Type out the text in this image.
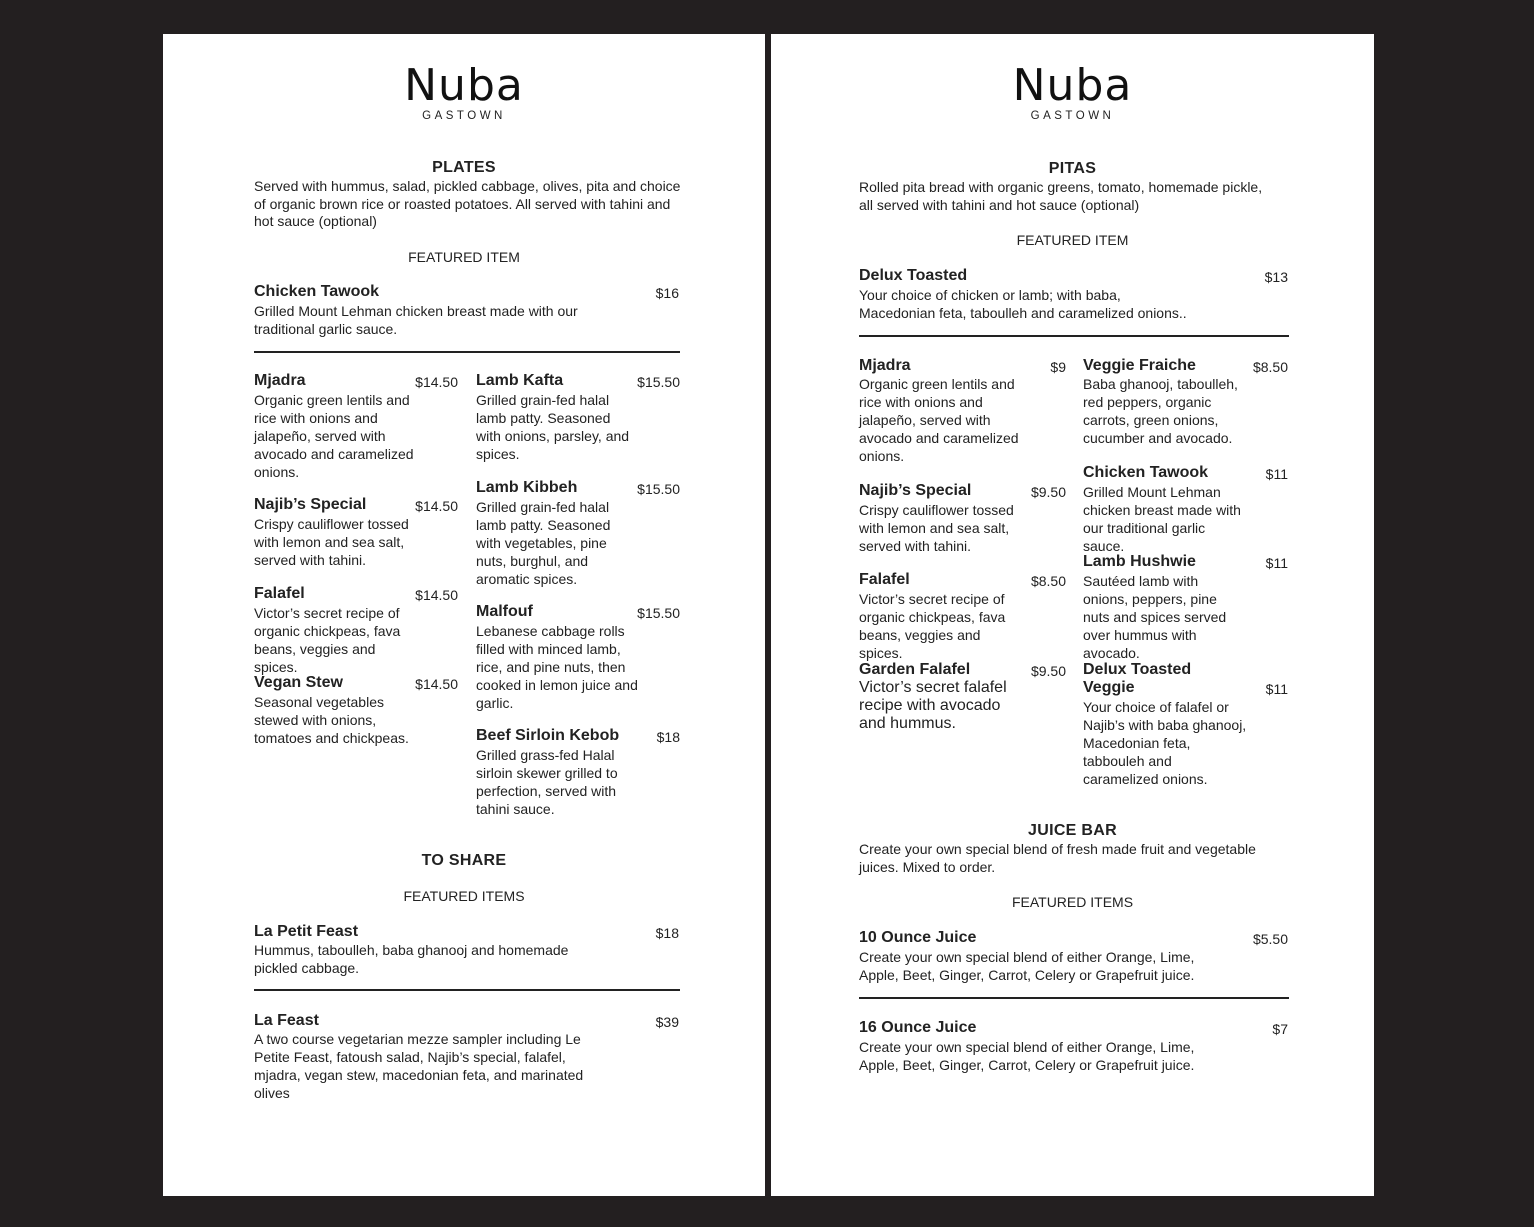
Nuba
GASTOWN
PLATES
Served with hummus, salad, pickled cabbage, olives, pita and choice of organic brown rice or roasted potatoes. All served with tahini and hot sauce (optional)
FEATURED ITEM
Chicken Tawook	$16
Grilled Mount Lehman chicken breast made with our traditional garlic sauce.
Mjadra	$14.50
Organic green lentils and rice with onions and jalapeño, served with avocado and caramelized onions.
Najib’s Special	$14.50
Crispy cauliflower tossed with lemon and sea salt, served with tahini.
Falafel	$14.50
Victor’s secret recipe of organic chickpeas, fava beans, veggies and spices.
Vegan Stew	$14.50
Seasonal vegetables stewed with onions, tomatoes and chickpeas.
Lamb Kafta	$15.50
Grilled grain-fed halal lamb patty. Seasoned with onions, parsley, and spices.
Lamb Kibbeh	$15.50
Grilled grain-fed halal lamb patty. Seasoned with vegetables, pine nuts, burghul, and aromatic spices.
Malfouf	$15.50
Lebanese cabbage rolls filled with minced lamb, rice, and pine nuts, then cooked in lemon juice and garlic.
Beef Sirloin Kebob	$18
Grilled grass-fed Halal sirloin skewer grilled to perfection, served with tahini sauce.
TO SHARE
FEATURED ITEMS
La Petit Feast	$18
Hummus, taboulleh, baba ghanooj and homemade pickled cabbage.
La Feast	$39
A two course vegetarian mezze sampler including Le Petite Feast, fatoush salad, Najib’s special, falafel, mjadra, vegan stew, macedonian feta, and marinated olives
Nuba
GASTOWN
PITAS
Rolled pita bread with organic greens, tomato, homemade pickle, all served with tahini and hot sauce (optional)
FEATURED ITEM
Delux Toasted	$13
Your choice of chicken or lamb; with baba, Macedonian feta, taboulleh and caramelized onions..
Mjadra	$9
Organic green lentils and rice with onions and jalapeño, served with avocado and caramelized onions.
Najib’s Special	$9.50
Crispy cauliflower tossed with lemon and sea salt, served with tahini.
Falafel	$8.50
Victor’s secret recipe of organic chickpeas, fava beans, veggies and spices.
Garden Falafel	$9.50
Victor’s secret falafel recipe with avocado and hummus.
Veggie Fraiche	$8.50
Baba ghanooj, taboulleh, red peppers, organic carrots, green onions, cucumber and avocado.
Chicken Tawook	$11
Grilled Mount Lehman chicken breast made with our traditional garlic sauce.
Lamb Hushwie	$11
Sautéed lamb with onions, peppers, pine nuts and spices served over hummus with avocado.
Delux Toasted Veggie	$11
Your choice of falafel or Najib’s with baba ghanooj, Macedonian feta, tabbouleh and caramelized onions.
JUICE BAR
Create your own special blend of fresh made fruit and vegetable juices. Mixed to order.
FEATURED ITEMS
10 Ounce Juice	$5.50
Create your own special blend of either Orange, Lime, Apple, Beet, Ginger, Carrot, Celery or Grapefruit juice.
16 Ounce Juice	$7
Create your own special blend of either Orange, Lime, Apple, Beet, Ginger, Carrot, Celery or Grapefruit juice.
